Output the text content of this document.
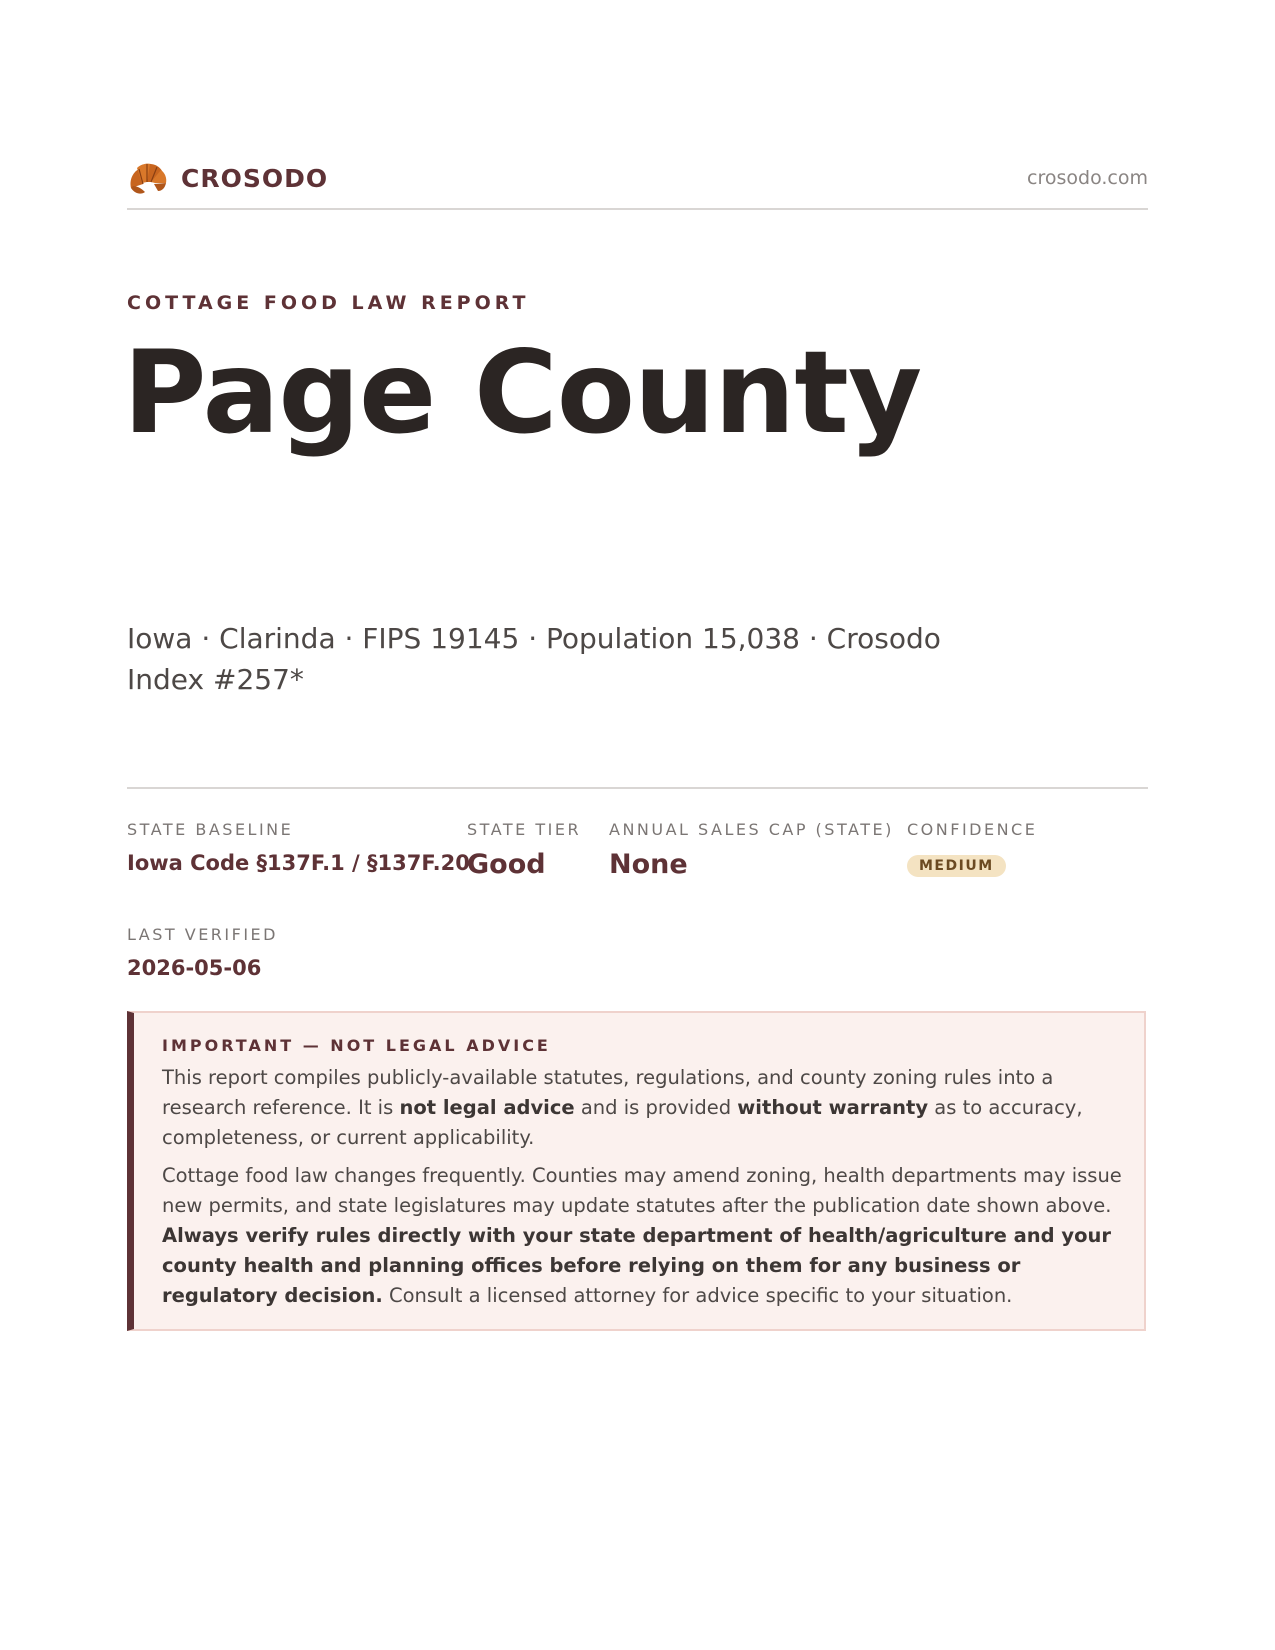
CROSODO	crosodo.com
COTTAGE FOOD LAW REPORT
Page County
Iowa · Clarinda · FIPS 19145 · Population 15,038 · Crosodo Index #257*
STATE BASELINE
Iowa Code §137F.1 / §137F.20
STATE TIER
Good
ANNUAL SALES CAP (STATE)
None
CONFIDENCE
MEDIUM
LAST VERIFIED
2026-05-06
IMPORTANT — NOT LEGAL ADVICE

This report compiles publicly-available statutes, regulations, and county zoning rules into a research reference. It is not legal advice and is provided without warranty as to accuracy, completeness, or current applicability.

Cottage food law changes frequently. Counties may amend zoning, health departments may issue new permits, and state legislatures may update statutes after the publication date shown above. Always verify rules directly with your state department of health/agriculture and your county health and planning offices before relying on them for any business or regulatory decision. Consult a licensed attorney for advice specific to your situation.
